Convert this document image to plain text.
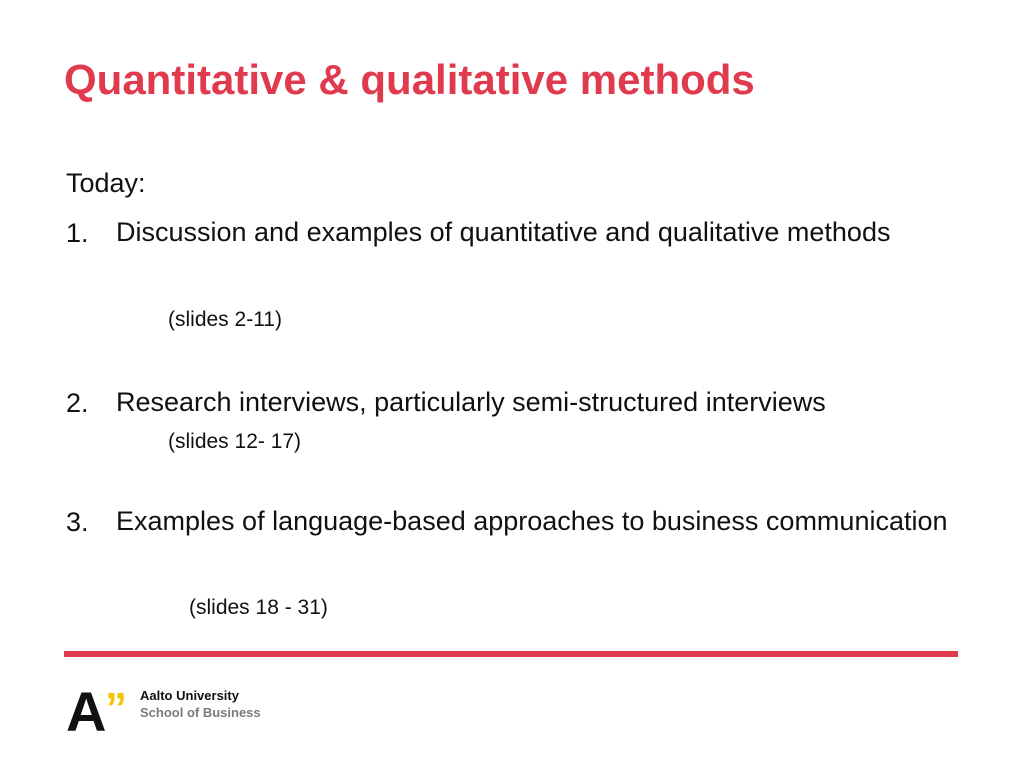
Quantitative & qualitative methods
Today:
1. Discussion and examples of quantitative and qualitative methods
(slides 2-11)
2. Research interviews, particularly semi-structured interviews
(slides 12- 17)
3. Examples of language-based approaches to business communication
(slides 18 - 31)
A
” Aalto University
School of Business
